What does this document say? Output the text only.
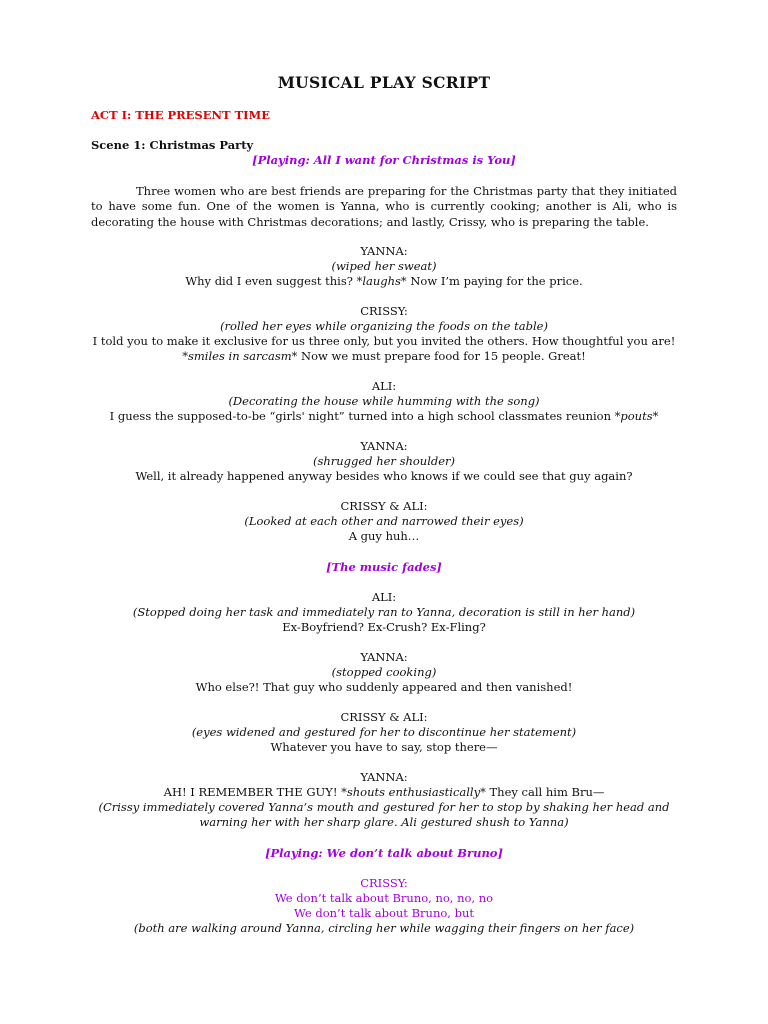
MUSICAL PLAY SCRIPT
ACT I: THE PRESENT TIME
Scene 1: Christmas Party
[Playing: All I want for Christmas is You]
Three women who are best friends are preparing for the Christmas party that they initiated to have some fun. One of the women is Yanna, who is currently cooking; another is Ali, who is decorating the house with Christmas decorations; and lastly, Crissy, who is preparing the table.
YANNA:
(wiped her sweat)
Why did I even suggest this? *laughs* Now I’m paying for the price.
CRISSY:
(rolled her eyes while organizing the foods on the table)
I told you to make it exclusive for us three only, but you invited the others. How thoughtful you are!
*smiles in sarcasm* Now we must prepare food for 15 people. Great!
ALI:
(Decorating the house while humming with the song)
I guess the supposed-to-be “girls' night” turned into a high school classmates reunion *pouts*
YANNA:
(shrugged her shoulder)
Well, it already happened anyway besides who knows if we could see that guy again?
CRISSY & ALI:
(Looked at each other and narrowed their eyes)
A guy huh…
[The music fades]
ALI:
(Stopped doing her task and immediately ran to Yanna, decoration is still in her hand)
Ex-Boyfriend? Ex-Crush? Ex-Fling?
YANNA:
(stopped cooking)
Who else?! That guy who suddenly appeared and then vanished!
CRISSY & ALI:
(eyes widened and gestured for her to discontinue her statement)
Whatever you have to say, stop there—
YANNA:
AH! I REMEMBER THE GUY! *shouts enthusiastically* They call him Bru—
(Crissy immediately covered Yanna’s mouth and gestured for her to stop by shaking her head and
warning her with her sharp glare. Ali gestured shush to Yanna)
[Playing: We don’t talk about Bruno]
CRISSY:
We don’t talk about Bruno, no, no, no
We don’t talk about Bruno, but
(both are walking around Yanna, circling her while wagging their fingers on her face)
